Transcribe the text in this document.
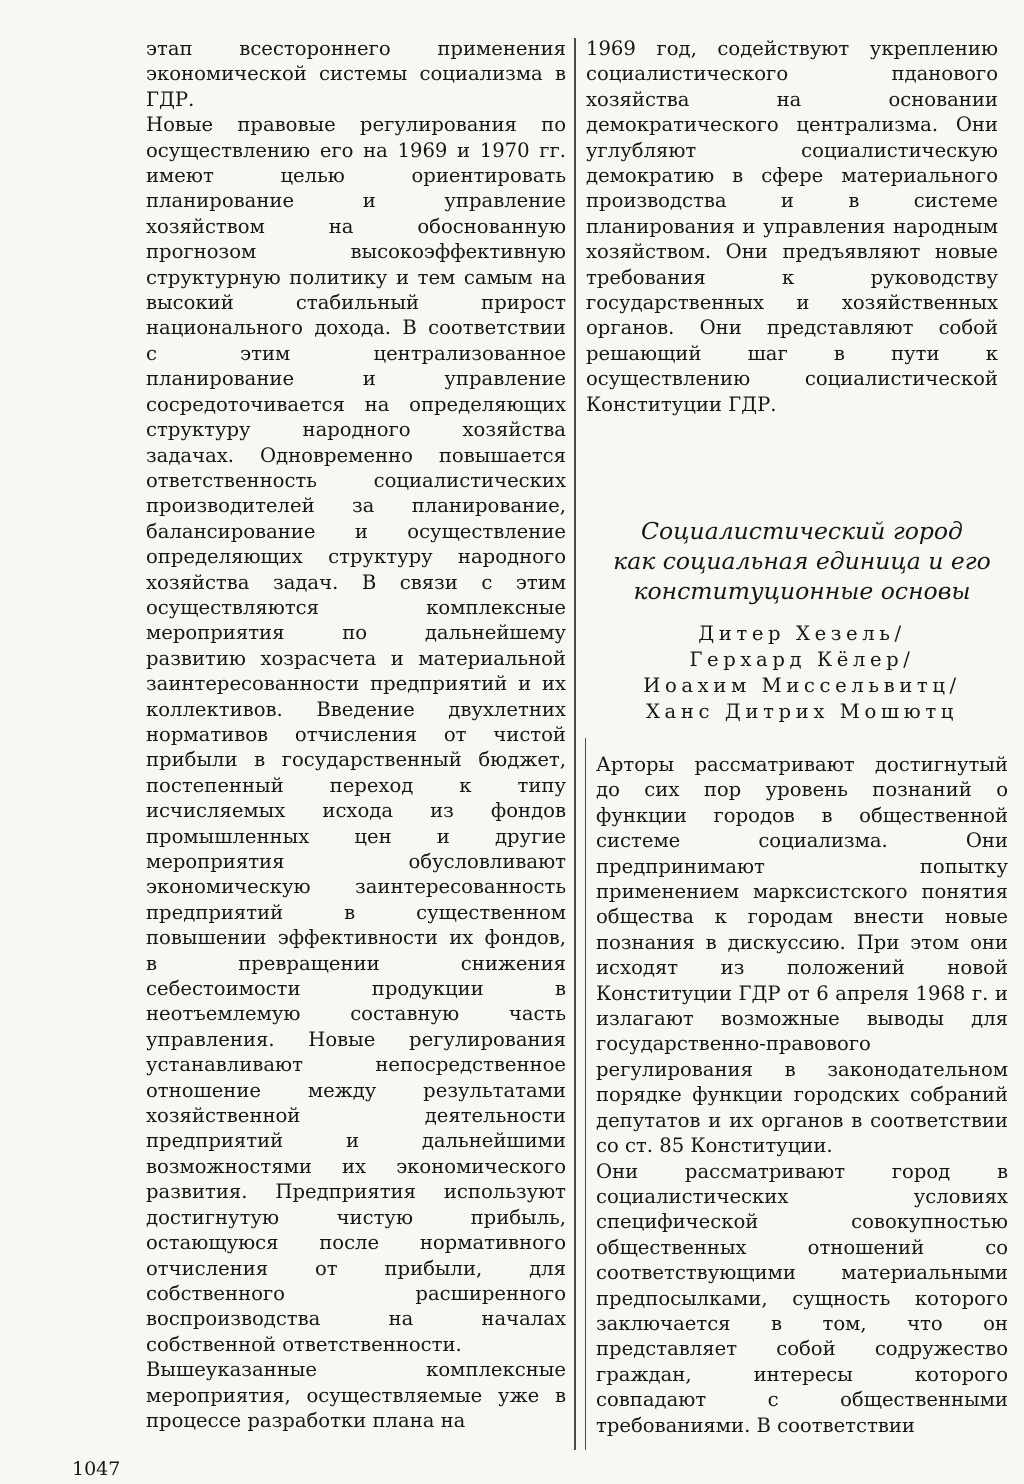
этап всестороннего применения экономической системы социализма в ГДР.

Новые правовые регулирования по осуществлению его на 1969 и 1970 гг. имеют целью ориентировать планирование и управление хозяйством на обоснованную прогнозом высокоэффективную структурную политику и тем самым на высокий стабильный прирост национального дохода. В соответствии с этим централизованное планирование и управление сосредоточивается на определяющих структуру народного хозяйства задачах. Одновременно повышается ответственность социалистических производителей за планирование, балансирование и осуществление определяющих структуру народного хозяйства задач. В связи с этим осуществляются комплексные мероприятия по дальнейшему развитию хозрасчета и материальной заинтересованности предприятий и их коллективов. Введение двухлетних нормативов отчисления от чистой прибыли в государственный бюджет, постепенный переход к типу исчисляемых исхода из фондов промышленных цен и другие мероприятия обусловливают экономическую заинтересованность предприятий в существенном повышении эффективности их фондов, в превращении снижения себестоимости продукции в неотъемлемую составную часть управления. Новые регулирования устанавливают непосредственное отношение между результатами хозяйственной деятельности предприятий и дальнейшими возможностями их экономического развития. Предприятия используют достигнутую чистую прибыль, остающуюся после нормативного отчисления от прибыли, для собственного расширенного воспроизводства на началах собственной ответственности.

Вышеуказанные комплексные мероприятия, осуществляемые уже в процессе разработки плана на

1969 год, содействуют укреплению социалистического пданового хозяйства на основании демократического централизма. Они углубляют социалистическую демократию в сфере материального производства и в системе планирования и управления народным хозяйством. Они предъявляют новые требования к руководству государственных и хозяйственных органов. Они представляют собой решающий шаг в пути к осуществлению социалистической Конституции ГДР.

Социалистический город
как социальная единица и его
конституционные основы
Дитер Хезель/
Герхард Кёлер/
Иоахим Миссельвитц/
Ханс Дитрих Мошютц

Арторы рассматривают достигнутый до сих пор уровень познаний о функции городов в общественной системе социализма. Они предпринимают попытку применением марксистского понятия общества к городам внести новые познания в дискуссию. При этом они исходят из положений новой Конституции ГДР от 6 апреля 1968 г. и излагают возможные выводы для государственно-правового регулирования в законодательном порядке функции городских собраний депутатов и их органов в соответствии со ст. 85 Конституции.

Они рассматривают город в социалистических условиях специфической совокупностью общественных отношений со соответствующими материальными предпосылками, сущность которого заключается в том, что он представляет собой содружество граждан, интересы которого совпадают с общественными требованиями. В соответствии

1047
